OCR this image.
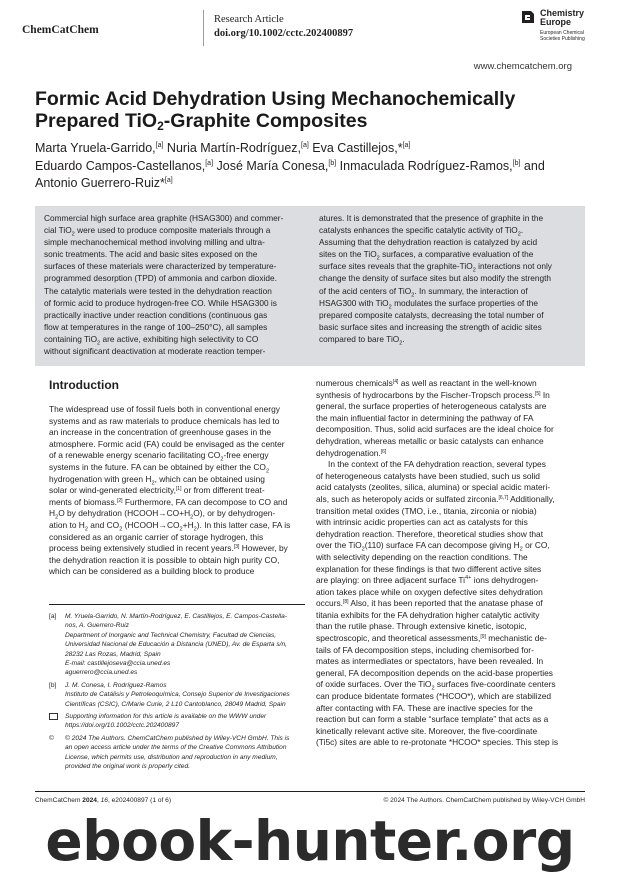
ChemCatChem
Research Article
doi.org/10.1002/cctc.202400897
Chemistry
Europe
European Chemical
Societies Publishing
www.chemcatchem.org
Formic Acid Dehydration Using Mechanochemically
Prepared TiO$_2$-Graphite Composites

Marta Yruela-Garrido,[a] Nuria Martín-Rodríguez,[a] Eva Castillejos,*[a]

Eduardo Campos-Castellanos,[a] José María Conesa,[b] Inmaculada Rodríguez-Ramos,[b] and

Antonio Guerrero-Ruiz*[a]

Commercial high surface area graphite (HSAG300) and commer-

cial TiO$_2$ were used to produce composite materials through a

simple mechanochemical method involving milling and ultra-

sonic treatments. The acid and basic sites exposed on the

surfaces of these materials were characterized by temperature-

programmed desorption (TPD) of ammonia and carbon dioxide.

The catalytic materials were tested in the dehydration reaction

of formic acid to produce hydrogen-free CO. While HSAG300 is

practically inactive under reaction conditions (continuous gas

flow at temperatures in the range of 100–250°C), all samples

containing TiO$_2$ are active, exhibiting high selectivity to CO

without significant deactivation at moderate reaction temper-

atures. It is demonstrated that the presence of graphite in the

catalysts enhances the specific catalytic activity of TiO$_2$.

Assuming that the dehydration reaction is catalyzed by acid

sites on the TiO$_2$ surfaces, a comparative evaluation of the

surface sites reveals that the graphite-TiO$_2$ interactions not only

change the density of surface sites but also modify the strength

of the acid centers of TiO$_2$. In summary, the interaction of

HSAG300 with TiO$_2$ modulates the surface properties of the

prepared composite catalysts, decreasing the total number of

basic surface sites and increasing the strength of acidic sites

compared to bare TiO$_2$.

Introduction

The widespread use of fossil fuels both in conventional energy

systems and as raw materials to produce chemicals has led to

an increase in the concentration of greenhouse gases in the

atmosphere. Formic acid (FA) could be envisaged as the center

of a renewable energy scenario facilitating $CO_2$-free energy

systems in the future. FA can be obtained by either the $CO_2$

hydrogenation with green $H_2$, which can be obtained using

solar or wind-generated electricity,[1] or from different treat-

ments of biomass.[2] Furthermore, FA can decompose to CO and

$H_2O$ by dehydration $(HCOOH\to CO+H_2O)$, or by dehydrogen-

ation to $H_2$ and $CO_2$ $(HCOOH\to CO_2+H_2)$. In this latter case, FA is

considered as an organic carrier of storage hydrogen, this

process being extensively studied in recent years.[3] However, by

the dehydration reaction it is possible to obtain high purity CO,

which can be considered as a building block to produce

numerous chemicals[4] as well as reactant in the well-known

synthesis of hydrocarbons by the Fischer-Tropsch process.[5] In

general, the surface properties of heterogeneous catalysts are

the main influential factor in determining the pathway of FA

decomposition. Thus, solid acid surfaces are the ideal choice for

dehydration, whereas metallic or basic catalysts can enhance

dehydrogenation.[6]

In the context of the FA dehydration reaction, several types

of heterogeneous catalysts have been studied, such us solid

acid catalysts (zeolites, silica, alumina) or special acidic materi-

als, such as heteropoly acids or sulfated zirconia.[6,7] Additionally,

transition metal oxides (TMO, i.e., titania, zirconia or niobia)

with intrinsic acidic properties can act as catalysts for this

dehydration reaction. Therefore, theoretical studies show that

over the TiO$_2$(110) surface FA can decompose giving $H_2$ or CO,

with selectivity depending on the reaction conditions. The

explanation for these findings is that two different active sites

are playing: on three adjacent surface $Ti^{4+}$ ions dehydrogen-

ation takes place while on oxygen defective sites dehydration

occurs.[8] Also, it has been reported that the anatase phase of

titania exhibits for the FA dehydration higher catalytic activity

than the rutile phase. Through extensive kinetic, isotopic,

spectroscopic, and theoretical assessments,[9] mechanistic de-

tails of FA decomposition steps, including chemisorbed for-

mates as intermediates or spectators, have been revealed. In

general, FA decomposition depends on the acid-base properties

of oxide surfaces. Over the TiO$_2$ surfaces five-coordinate centers

can produce bidentate formates (*HCOO*), which are stabilized

after contacting with FA. These are inactive species for the

reaction but can form a stable “surface template” that acts as a

kinetically relevant active site. Moreover, the five-coordinate

(Ti5c) sites are able to re-protonate *HCOO* species. This step is

[a] M. Yruela-Garrido, N. Martín-Rodríguez, E. Castillejos, E. Campos-Castella-

nos, A. Guerrero-Ruiz

Department of Inorganic and Technical Chemistry, Facultad de Ciencias,

Universidad Nacional de Educación a Distancia (UNED), Av. de Esparta s/n,

28232 Las Rozas, Madrid, Spain

E-mail: castillejoseva@ccia.uned.es

aguerrero@ccia.uned.es

[b] J. M. Conesa, I. Rodríguez-Ramos

Instituto de Catálisis y Petroleoquímica, Consejo Superior de Investigaciones

Científicas (CSIC), C/Marie Curie, 2 L10 Cantoblanco, 28049 Madrid, Spain

Supporting information for this article is available on the WWW under

https://doi.org/10.1002/cctc.202400897

© © 2024 The Authors. ChemCatChem published by Wiley-VCH GmbH. This is

an open access article under the terms of the Creative Commons Attribution

License, which permits use, distribution and reproduction in any medium,

provided the original work is properly cited.

ChemCatChem 2024, 16, e202400897 (1 of 6)	© 2024 The Authors. ChemCatChem published by Wiley-VCH GmbH
ebook-hunter.org
